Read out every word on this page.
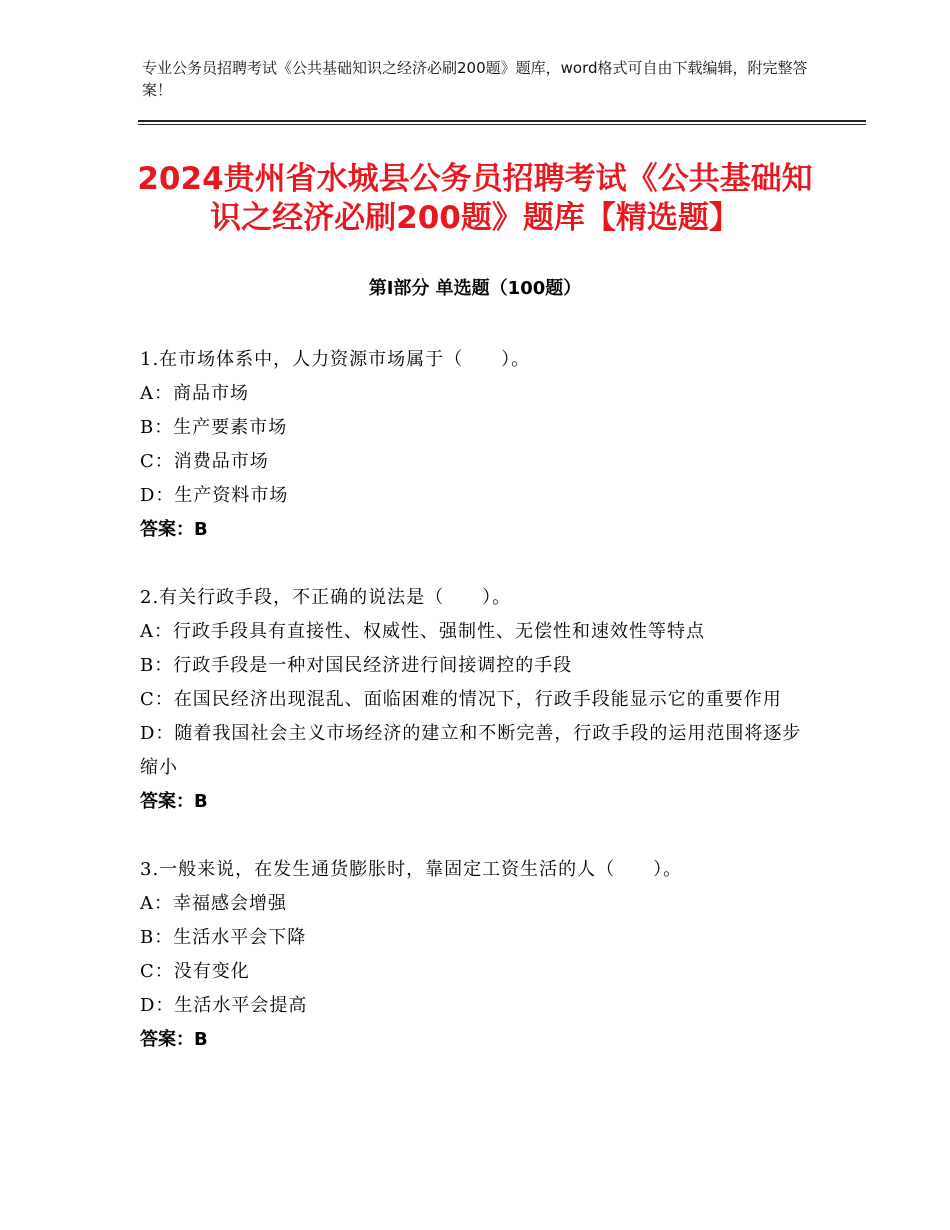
专业公务员招聘考试《公共基础知识之经济必刷200题》题库，word格式可自由下载编辑，附完整答案！
2024贵州省水城县公务员招聘考试《公共基础知识之经济必刷200题》题库【精选题】
第Ⅰ部分 单选题（100题）
1.在市场体系中，人力资源市场属于（　　）。
A：商品市场
B：生产要素市场
C：消费品市场
D：生产资料市场
答案：B
2.有关行政手段，不正确的说法是（　　）。
A：行政手段具有直接性、权威性、强制性、无偿性和速效性等特点
B：行政手段是一种对国民经济进行间接调控的手段
C：在国民经济出现混乱、面临困难的情况下，行政手段能显示它的重要作用
D：随着我国社会主义市场经济的建立和不断完善，行政手段的运用范围将逐步缩小
答案：B
3.一般来说，在发生通货膨胀时，靠固定工资生活的人（　　）。
A：幸福感会增强
B：生活水平会下降
C：没有变化
D：生活水平会提高
答案：B
